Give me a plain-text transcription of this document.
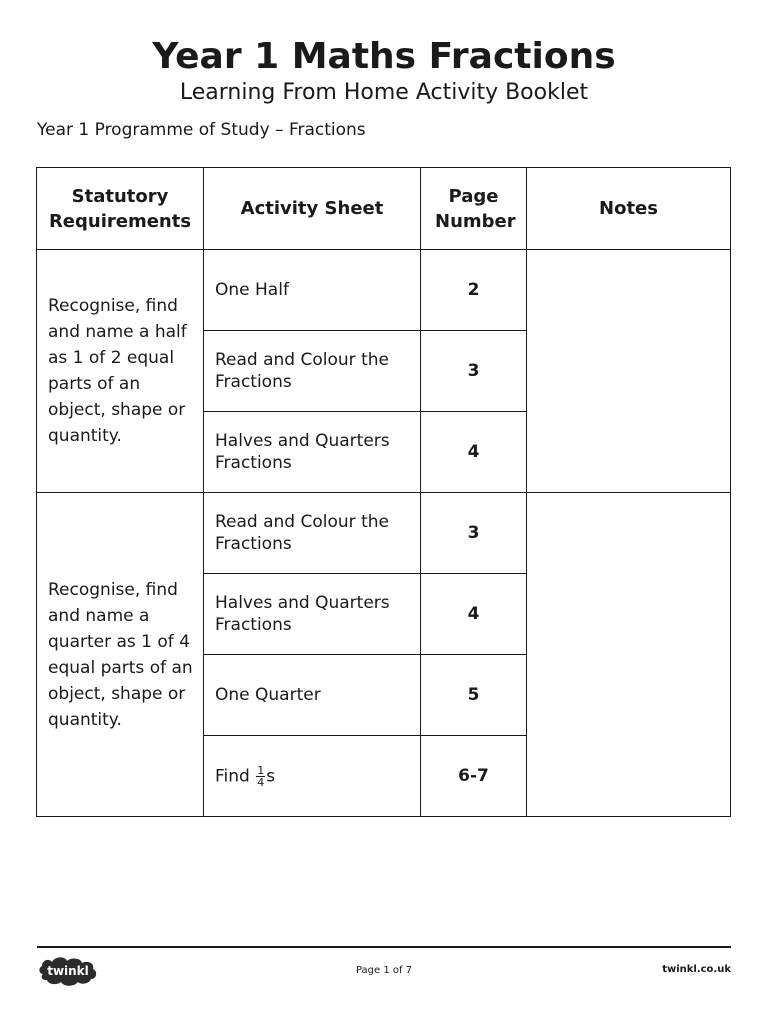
Year 1 Maths Fractions
Learning From Home Activity Booklet
Year 1 Programme of Study – Fractions
Statutory Requirements	Activity Sheet	Page Number	Notes
Recognise, find and name a half as 1 of 2 equal parts of an object, shape or quantity.	One Half	2	
	Read and Colour the Fractions	3	
	Halves and Quarters Fractions	4	
Recognise, find and name a quarter as 1 of 4 equal parts of an object, shape or quantity.	Read and Colour the Fractions	3	
	Halves and Quarters Fractions	4	
	One Quarter	5	
	Find $\frac{1}{4}$ s	6-7	
twinkl	Page 1 of 7	twinkl.co.uk
